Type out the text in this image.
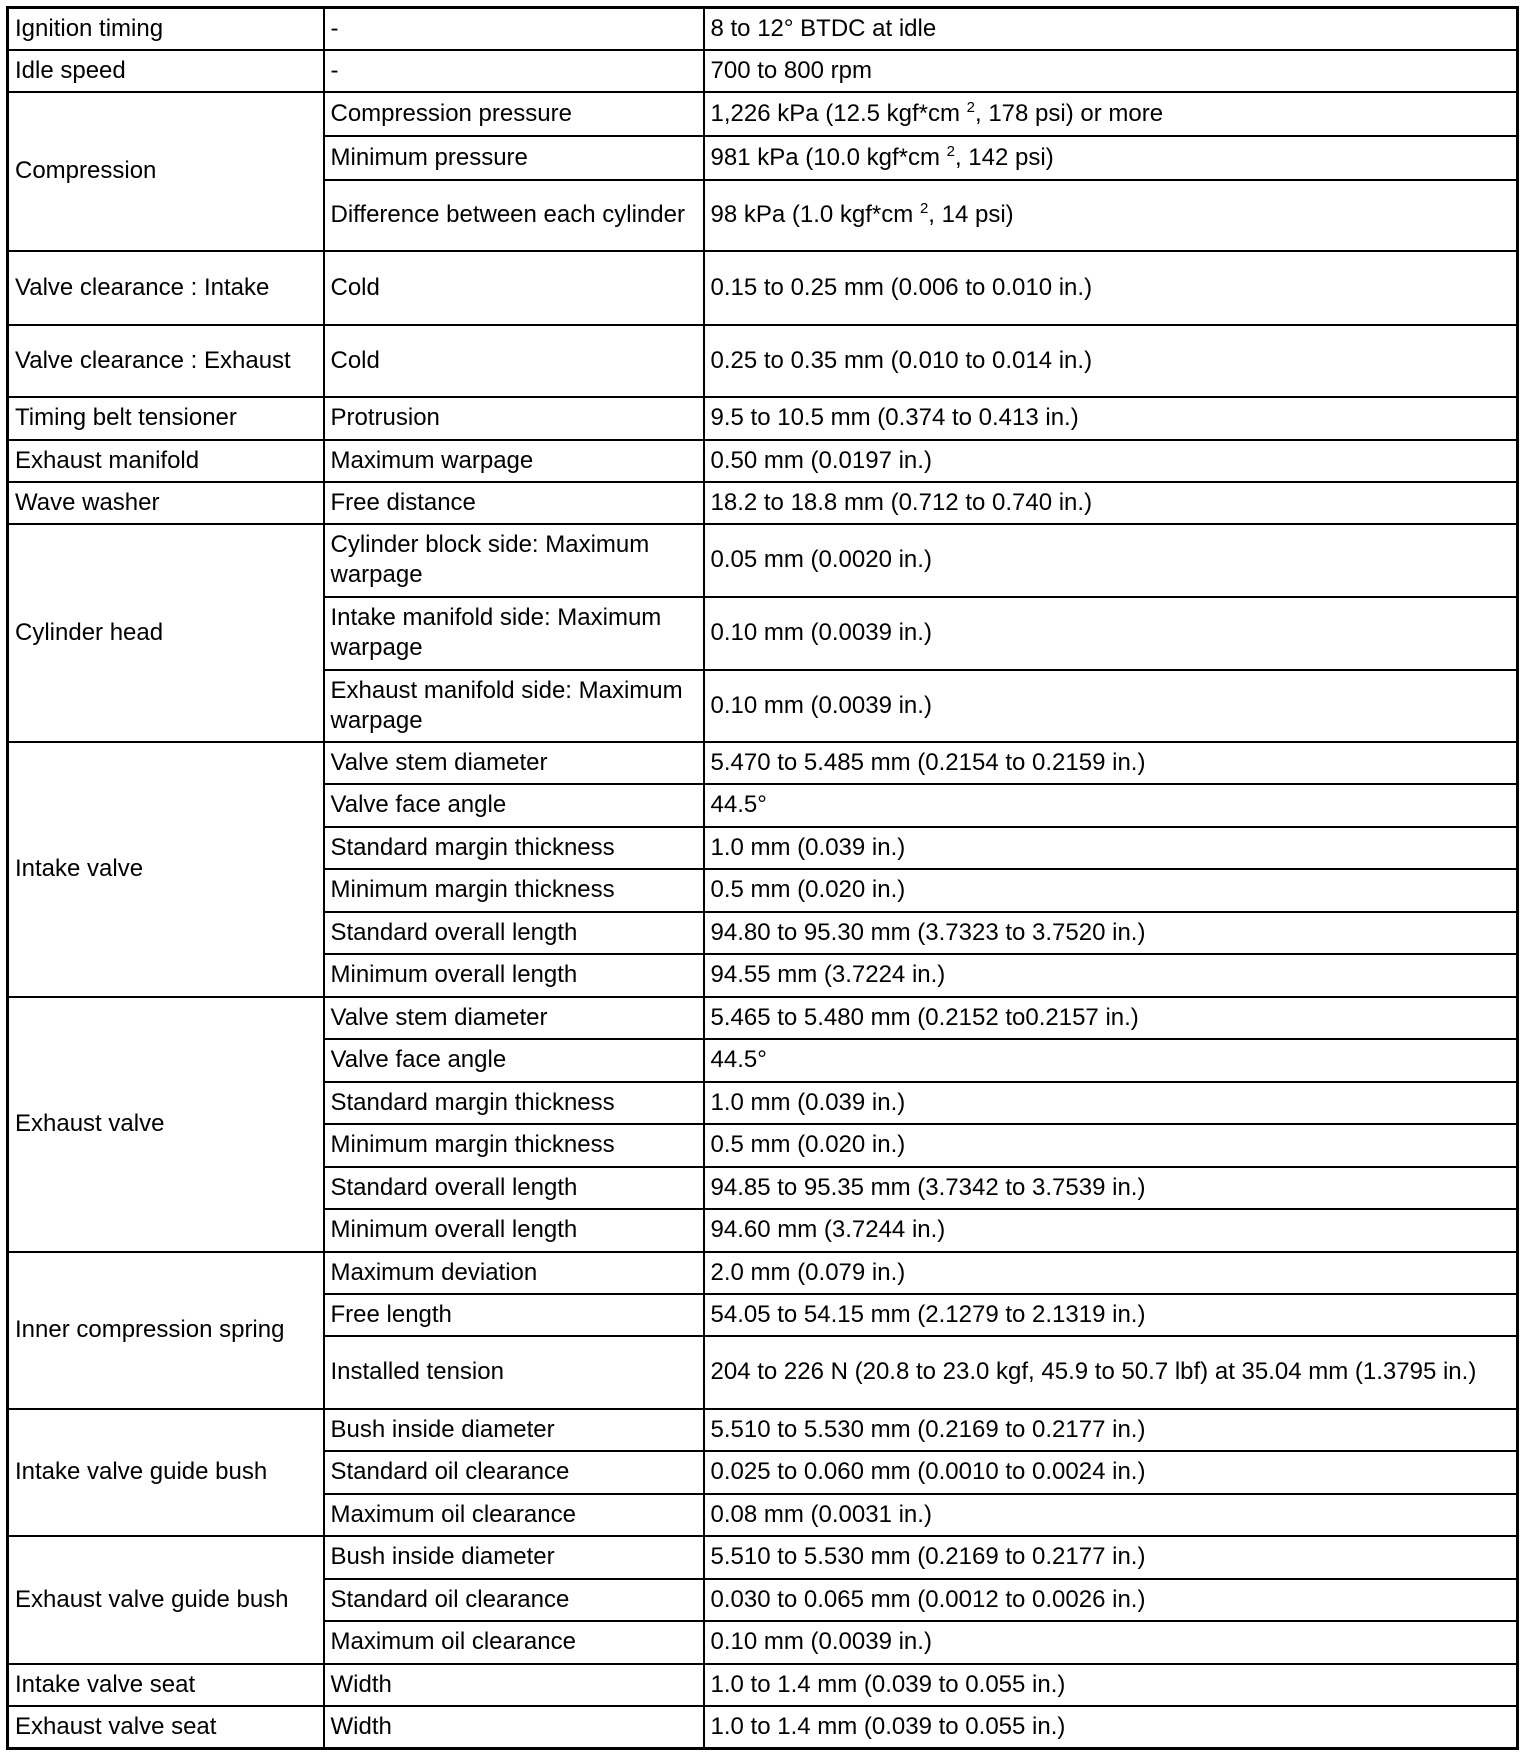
Ignition timing	-	8 to 12° BTDC at idle
Idle speed	-	700 to 800 rpm
Compression	Compression pressure	1,226 kPa (12.5 kgf*cm $^2$, 178 psi) or more
	Minimum pressure	981 kPa (10.0 kgf*cm $^2$, 142 psi)
	Difference between each cylinder	98 kPa (1.0 kgf*cm $^2$, 14 psi)
Valve clearance : Intake	Cold	0.15 to 0.25 mm (0.006 to 0.010 in.)
Valve clearance : Exhaust	Cold	0.25 to 0.35 mm (0.010 to 0.014 in.)
Timing belt tensioner	Protrusion	9.5 to 10.5 mm (0.374 to 0.413 in.)
Exhaust manifold	Maximum warpage	0.50 mm (0.0197 in.)
Wave washer	Free distance	18.2 to 18.8 mm (0.712 to 0.740 in.)
Cylinder head	Cylinder block side: Maximum warpage	0.05 mm (0.0020 in.)
	Intake manifold side: Maximum warpage	0.10 mm (0.0039 in.)
	Exhaust manifold side: Maximum warpage	0.10 mm (0.0039 in.)
Intake valve	Valve stem diameter	5.470 to 5.485 mm (0.2154 to 0.2159 in.)
	Valve face angle	44.5°
	Standard margin thickness	1.0 mm (0.039 in.)
	Minimum margin thickness	0.5 mm (0.020 in.)
	Standard overall length	94.80 to 95.30 mm (3.7323 to 3.7520 in.)
	Minimum overall length	94.55 mm (3.7224 in.)
Exhaust valve	Valve stem diameter	5.465 to 5.480 mm (0.2152 to0.2157 in.)
	Valve face angle	44.5°
	Standard margin thickness	1.0 mm (0.039 in.)
	Minimum margin thickness	0.5 mm (0.020 in.)
	Standard overall length	94.85 to 95.35 mm (3.7342 to 3.7539 in.)
	Minimum overall length	94.60 mm (3.7244 in.)
Inner compression spring	Maximum deviation	2.0 mm (0.079 in.)
	Free length	54.05 to 54.15 mm (2.1279 to 2.1319 in.)
	Installed tension	204 to 226 N (20.8 to 23.0 kgf, 45.9 to 50.7 lbf) at 35.04 mm (1.3795 in.)
Intake valve guide bush	Bush inside diameter	5.510 to 5.530 mm (0.2169 to 0.2177 in.)
	Standard oil clearance	0.025 to 0.060 mm (0.0010 to 0.0024 in.)
	Maximum oil clearance	0.08 mm (0.0031 in.)
Exhaust valve guide bush	Bush inside diameter	5.510 to 5.530 mm (0.2169 to 0.2177 in.)
	Standard oil clearance	0.030 to 0.065 mm (0.0012 to 0.0026 in.)
	Maximum oil clearance	0.10 mm (0.0039 in.)
Intake valve seat	Width	1.0 to 1.4 mm (0.039 to 0.055 in.)
Exhaust valve seat	Width	1.0 to 1.4 mm (0.039 to 0.055 in.)
